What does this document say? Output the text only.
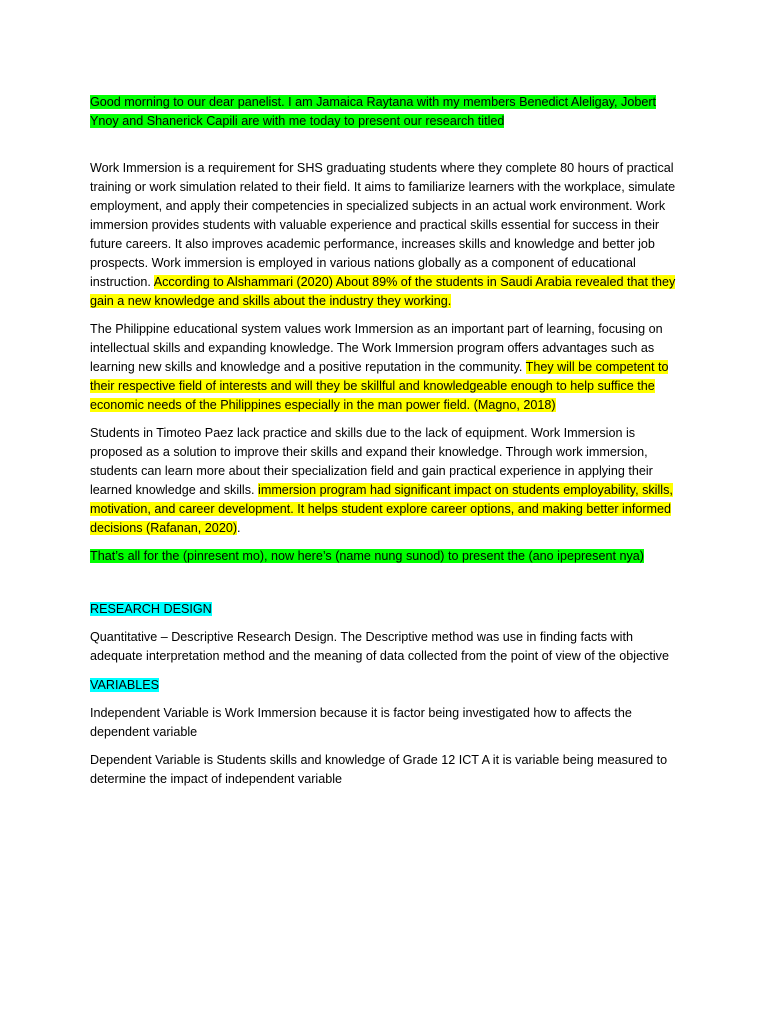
Good morning to our dear panelist. I am Jamaica Raytana with my members Benedict Aleligay, Jobert Ynoy and Shanerick Capili are with me today to present our research titled

Work Immersion is a requirement for SHS graduating students where they complete 80 hours of practical training or work simulation related to their field. It aims to familiarize learners with the workplace, simulate employment, and apply their competencies in specialized subjects in an actual work environment. Work immersion provides students with valuable experience and practical skills essential for success in their future careers. It also improves academic performance, increases skills and knowledge and better job prospects. Work immersion is employed in various nations globally as a component of educational instruction. According to Alshammari (2020) About 89% of the students in Saudi Arabia revealed that they gain a new knowledge and skills about the industry they working.

The Philippine educational system values work Immersion as an important part of learning, focusing on intellectual skills and expanding knowledge. The Work Immersion program offers advantages such as learning new skills and knowledge and a positive reputation in the community. They will be competent to their respective field of interests and will they be skillful and knowledgeable enough to help suffice the economic needs of the Philippines especially in the man power field. (Magno, 2018)

Students in Timoteo Paez lack practice and skills due to the lack of equipment. Work Immersion is proposed as a solution to improve their skills and expand their knowledge. Through work immersion, students can learn more about their specialization field and gain practical experience in applying their learned knowledge and skills. immersion program had significant impact on students employability, skills, motivation, and career development. It helps student explore career options, and making better informed decisions (Rafanan, 2020).

That’s all for the (pinresent mo), now here’s (name nung sunod) to present the (ano ipepresent nya)

RESEARCH DESIGN

Quantitative – Descriptive Research Design. The Descriptive method was use in finding facts with adequate interpretation method and the meaning of data collected from the point of view of the objective

VARIABLES

Independent Variable is Work Immersion because it is factor being investigated how to affects the dependent variable

Dependent Variable is Students skills and knowledge of Grade 12 ICT A it is variable being measured to determine the impact of independent variable
